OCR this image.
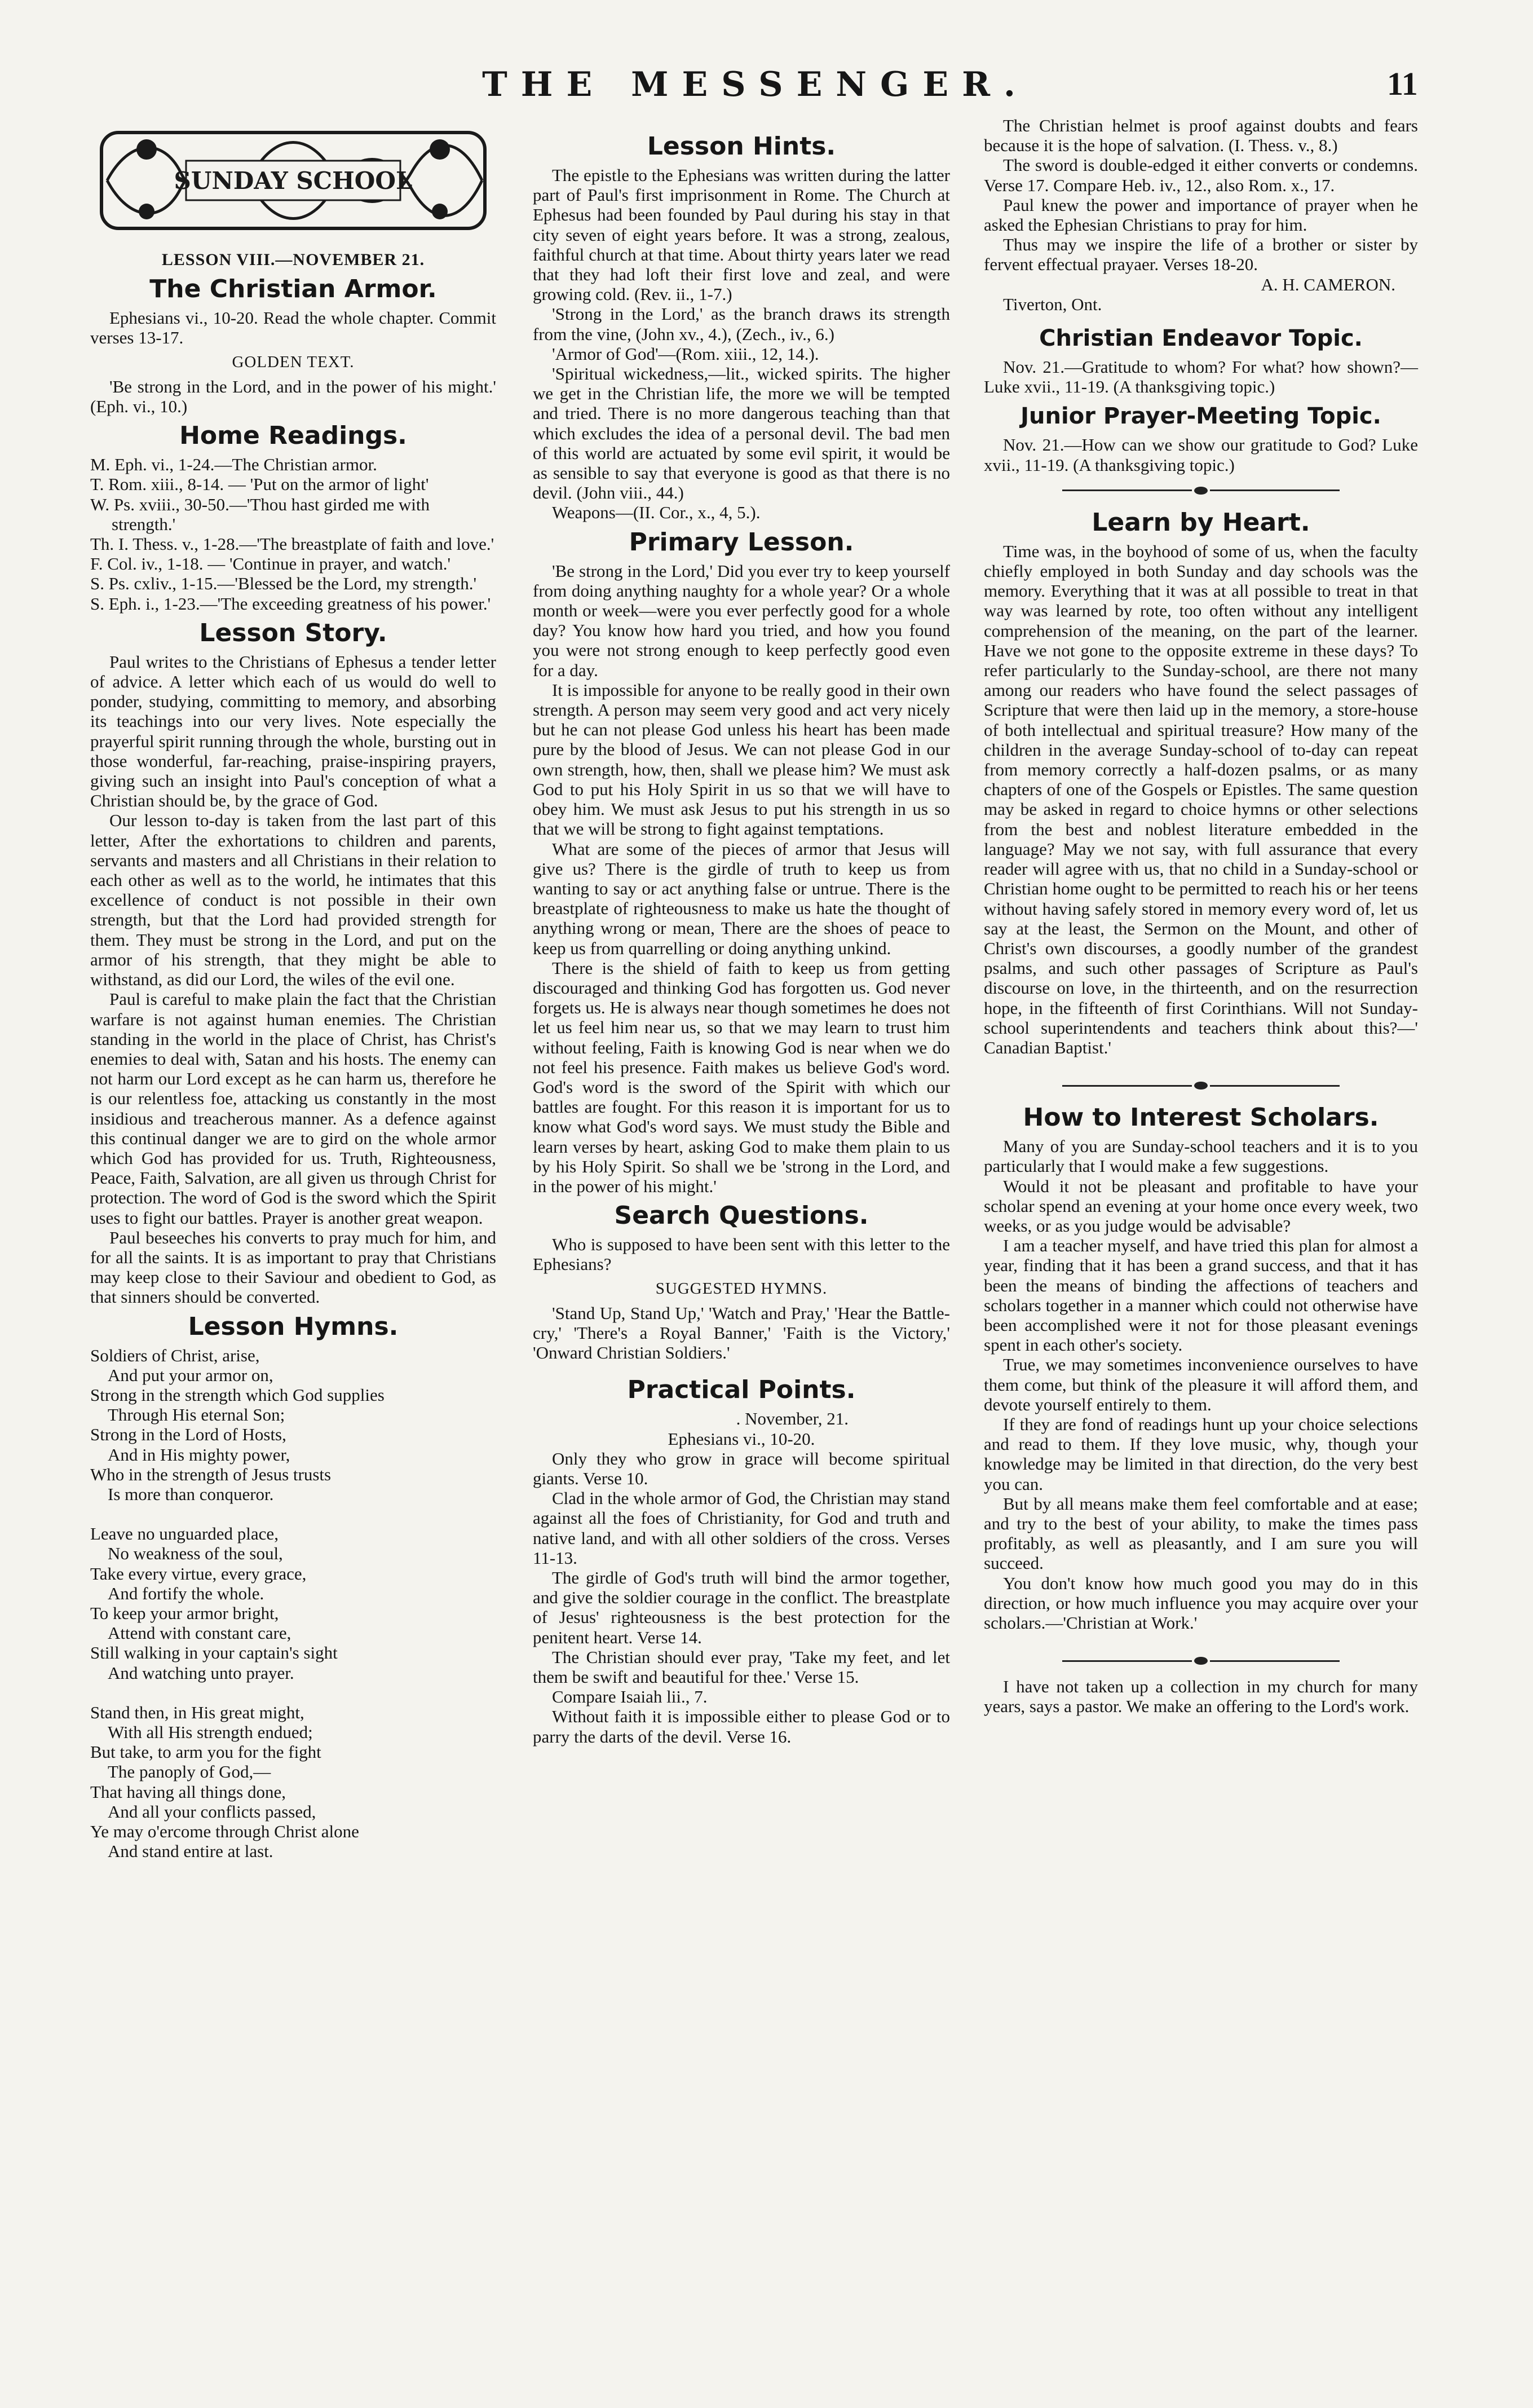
THE MESSENGER.	11
SUNDAY SCHOOL
LESSON VIII.—NOVEMBER 21.
The Christian Armor.

Ephesians vi., 10-20. Read the whole chapter. Commit verses 13-17.

GOLDEN TEXT.

'Be strong in the Lord, and in the power of his might.' (Eph. vi., 10.)

Home Readings.

M. Eph. vi., 1-24.—The Christian armor.

T. Rom. xiii., 8-14. — 'Put on the armor of light'

W. Ps. xviii., 30-50.—'Thou hast girded me with strength.'

Th. I. Thess. v., 1-28.—'The breastplate of faith and love.'

F. Col. iv., 1-18. — 'Continue in prayer, and watch.'

S. Ps. cxliv., 1-15.—'Blessed be the Lord, my strength.'

S. Eph. i., 1-23.—'The exceeding greatness of his power.'

Lesson Story.

Paul writes to the Christians of Ephesus a tender letter of advice. A letter which each of us would do well to ponder, studying, committing to memory, and absorbing its teachings into our very lives. Note especially the prayerful spirit running through the whole, bursting out in those wonderful, far-reaching, praise-inspiring prayers, giving such an insight into Paul's conception of what a Christian should be, by the grace of God.

Our lesson to-day is taken from the last part of this letter, After the exhortations to children and parents, servants and masters and all Christians in their relation to each other as well as to the world, he intimates that this excellence of conduct is not possible in their own strength, but that the Lord had provided strength for them. They must be strong in the Lord, and put on the armor of his strength, that they might be able to withstand, as did our Lord, the wiles of the evil one.

Paul is careful to make plain the fact that the Christian warfare is not against human enemies. The Christian standing in the world in the place of Christ, has Christ's enemies to deal with, Satan and his hosts. The enemy can not harm our Lord except as he can harm us, therefore he is our relentless foe, attacking us constantly in the most insidious and treacherous manner. As a defence against this continual danger we are to gird on the whole armor which God has provided for us. Truth, Righteousness, Peace, Faith, Salvation, are all given us through Christ for protection. The word of God is the sword which the Spirit uses to fight our battles. Prayer is another great weapon.

Paul beseeches his converts to pray much for him, and for all the saints. It is as important to pray that Christians may keep close to their Saviour and obedient to God, as that sinners should be converted.

Lesson Hymns.
Soldiers of Christ, arise,
And put your armor on,
Strong in the strength which God supplies
Through His eternal Son;
Strong in the Lord of Hosts,
And in His mighty power,
Who in the strength of Jesus trusts
Is more than conqueror.
Leave no unguarded place,
No weakness of the soul,
Take every virtue, every grace,
And fortify the whole.
To keep your armor bright,
Attend with constant care,
Still walking in your captain's sight
And watching unto prayer.
Stand then, in His great might,
With all His strength endued;
But take, to arm you for the fight
The panoply of God,—
That having all things done,
And all your conflicts passed,
Ye may o'ercome through Christ alone
And stand entire at last.
Lesson Hints.

The epistle to the Ephesians was written during the latter part of Paul's first imprisonment in Rome. The Church at Ephesus had been founded by Paul during his stay in that city seven of eight years before. It was a strong, zealous, faithful church at that time. About thirty years later we read that they had loft their first love and zeal, and were growing cold. (Rev. ii., 1-7.)

'Strong in the Lord,' as the branch draws its strength from the vine, (John xv., 4.), (Zech., iv., 6.)

'Armor of God'—(Rom. xiii., 12, 14.).

'Spiritual wickedness,—lit., wicked spirits. The higher we get in the Christian life, the more we will be tempted and tried. There is no more dangerous teaching than that which excludes the idea of a personal devil. The bad men of this world are actuated by some evil spirit, it would be as sensible to say that everyone is good as that there is no devil. (John viii., 44.)

Weapons—(II. Cor., x., 4, 5.).

Primary Lesson.

'Be strong in the Lord,' Did you ever try to keep yourself from doing anything naughty for a whole year? Or a whole month or week—were you ever perfectly good for a whole day? You know how hard you tried, and how you found you were not strong enough to keep perfectly good even for a day.

It is impossible for anyone to be really good in their own strength. A person may seem very good and act very nicely but he can not please God unless his heart has been made pure by the blood of Jesus. We can not please God in our own strength, how, then, shall we please him? We must ask God to put his Holy Spirit in us so that we will have to obey him. We must ask Jesus to put his strength in us so that we will be strong to fight against temptations.

What are some of the pieces of armor that Jesus will give us? There is the girdle of truth to keep us from wanting to say or act anything false or untrue. There is the breastplate of righteousness to make us hate the thought of anything wrong or mean, There are the shoes of peace to keep us from quarrelling or doing anything unkind.

There is the shield of faith to keep us from getting discouraged and thinking God has forgotten us. God never forgets us. He is always near though sometimes he does not let us feel him near us, so that we may learn to trust him without feeling, Faith is knowing God is near when we do not feel his presence. Faith makes us believe God's word. God's word is the sword of the Spirit with which our battles are fought. For this reason it is important for us to know what God's word says. We must study the Bible and learn verses by heart, asking God to make them plain to us by his Holy Spirit. So shall we be 'strong in the Lord, and in the power of his might.'

Search Questions.

Who is supposed to have been sent with this letter to the Ephesians?

SUGGESTED HYMNS.

'Stand Up, Stand Up,' 'Watch and Pray,' 'Hear the Battle-cry,' 'There's a Royal Banner,' 'Faith is the Victory,' 'Onward Christian Soldiers.'

Practical Points.

. November, 21.

Ephesians vi., 10-20.

Only they who grow in grace will become spiritual giants. Verse 10.

Clad in the whole armor of God, the Christian may stand against all the foes of Christianity, for God and truth and native land, and with all other soldiers of the cross. Verses 11-13.

The girdle of God's truth will bind the armor together, and give the soldier courage in the conflict. The breastplate of Jesus' righteousness is the best protection for the penitent heart. Verse 14.

The Christian should ever pray, 'Take my feet, and let them be swift and beautiful for thee.' Verse 15.

Compare Isaiah lii., 7.

Without faith it is impossible either to please God or to parry the darts of the devil. Verse 16.

The Christian helmet is proof against doubts and fears because it is the hope of salvation. (I. Thess. v., 8.)

The sword is double-edged it either converts or condemns. Verse 17. Compare Heb. iv., 12., also Rom. x., 17.

Paul knew the power and importance of prayer when he asked the Ephesian Christians to pray for him.

Thus may we inspire the life of a brother or sister by fervent effectual prayaer. Verses 18-20.

A. H. CAMERON.

Tiverton, Ont.

Christian Endeavor Topic.

Nov. 21.—Gratitude to whom? For what? how shown?—Luke xvii., 11-19. (A thanksgiving topic.)

Junior Prayer-Meeting Topic.

Nov. 21.—How can we show our gratitude to God? Luke xvii., 11-19. (A thanksgiving topic.)

Learn by Heart.

Time was, in the boyhood of some of us, when the faculty chiefly employed in both Sunday and day schools was the memory. Everything that it was at all possible to treat in that way was learned by rote, too often without any intelligent comprehension of the meaning, on the part of the learner. Have we not gone to the opposite extreme in these days? To refer particularly to the Sunday-school, are there not many among our readers who have found the select passages of Scripture that were then laid up in the memory, a store-house of both intellectual and spiritual treasure? How many of the children in the average Sunday-school of to-day can repeat from memory correctly a half-dozen psalms, or as many chapters of one of the Gospels or Epistles. The same question may be asked in regard to choice hymns or other selections from the best and noblest literature embedded in the language? May we not say, with full assurance that every reader will agree with us, that no child in a Sunday-school or Christian home ought to be permitted to reach his or her teens without having safely stored in memory every word of, let us say at the least, the Sermon on the Mount, and other of Christ's own discourses, a goodly number of the grandest psalms, and such other passages of Scripture as Paul's discourse on love, in the thirteenth, and on the resurrection hope, in the fifteenth of first Corinthians. Will not Sunday-school superintendents and teachers think about this?—' Canadian Baptist.'

How to Interest Scholars.

Many of you are Sunday-school teachers and it is to you particularly that I would make a few suggestions.

Would it not be pleasant and profitable to have your scholar spend an evening at your home once every week, two weeks, or as you judge would be advisable?

I am a teacher myself, and have tried this plan for almost a year, finding that it has been a grand success, and that it has been the means of binding the affections of teachers and scholars together in a manner which could not otherwise have been accomplished were it not for those pleasant evenings spent in each other's society.

True, we may sometimes inconvenience ourselves to have them come, but think of the pleasure it will afford them, and devote yourself entirely to them.

If they are fond of readings hunt up your choice selections and read to them. If they love music, why, though your knowledge may be limited in that direction, do the very best you can.

But by all means make them feel comfortable and at ease; and try to the best of your ability, to make the times pass profitably, as well as pleasantly, and I am sure you will succeed.

You don't know how much good you may do in this direction, or how much influence you may acquire over your scholars.—'Christian at Work.'

I have not taken up a collection in my church for many years, says a pastor. We make an offering to the Lord's work.
